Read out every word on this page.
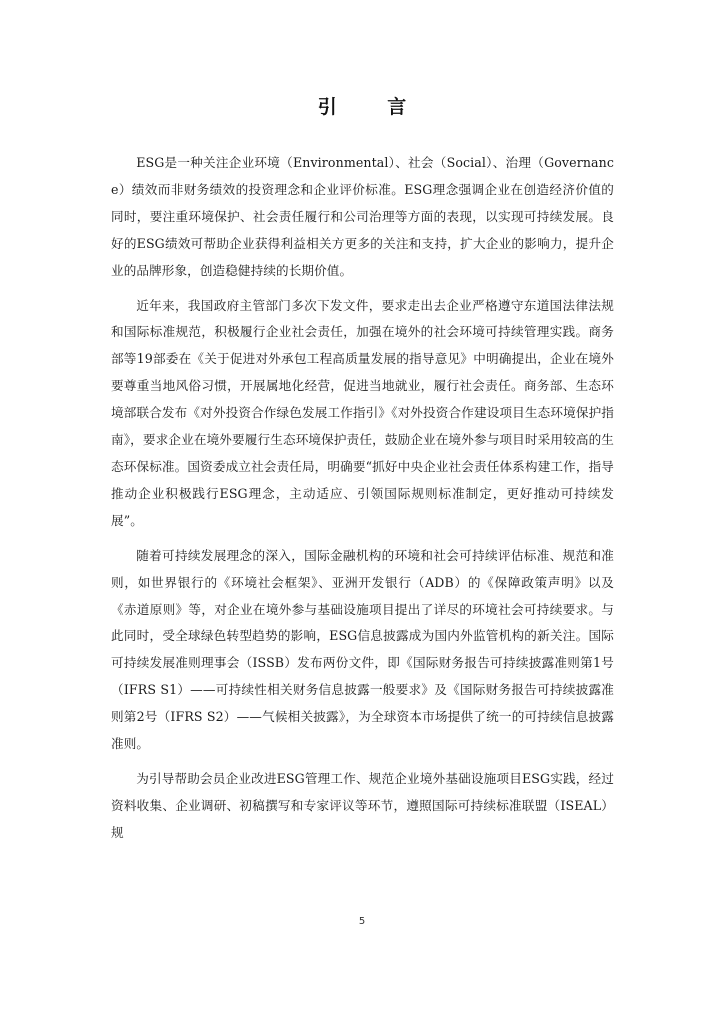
引 言

ESG是一种关注企业环境（Environmental）、社会（Social）、治理（Governance）绩效而非财务绩效的投资理念和企业评价标准。ESG理念强调企业在创造经济价值的同时，要注重环境保护、社会责任履行和公司治理等方面的表现，以实现可持续发展。良好的ESG绩效可帮助企业获得利益相关方更多的关注和支持，扩大企业的影响力，提升企业的品牌形象，创造稳健持续的长期价值。

近年来，我国政府主管部门多次下发文件，要求走出去企业严格遵守东道国法律法规和国际标准规范，积极履行企业社会责任，加强在境外的社会环境可持续管理实践。商务部等19部委在《关于促进对外承包工程高质量发展的指导意见》中明确提出，企业在境外要尊重当地风俗习惯，开展属地化经营，促进当地就业，履行社会责任。商务部、生态环境部联合发布《对外投资合作绿色发展工作指引》《对外投资合作建设项目生态环境保护指南》，要求企业在境外要履行生态环境保护责任，鼓励企业在境外参与项目时采用较高的生态环保标准。国资委成立社会责任局，明确要“抓好中央企业社会责任体系构建工作，指导推动企业积极践行ESG理念，主动适应、引领国际规则标准制定，更好推动可持续发展”。

随着可持续发展理念的深入，国际金融机构的环境和社会可持续评估标准、规范和准则，如世界银行的《环境社会框架》、亚洲开发银行（ADB）的《保障政策声明》以及《赤道原则》等，对企业在境外参与基础设施项目提出了详尽的环境社会可持续要求。与此同时，受全球绿色转型趋势的影响，ESG信息披露成为国内外监管机构的新关注。国际可持续发展准则理事会（ISSB）发布两份文件，即《国际财务报告可持续披露准则第1号（IFRS S1）——可持续性相关财务信息披露一般要求》及《国际财务报告可持续披露准则第2号（IFRS S2）——气候相关披露》，为全球资本市场提供了统一的可持续信息披露准则。

为引导帮助会员企业改进ESG管理工作、规范企业境外基础设施项目ESG实践，经过资料收集、企业调研、初稿撰写和专家评议等环节，遵照国际可持续标准联盟（ISEAL）规

5
